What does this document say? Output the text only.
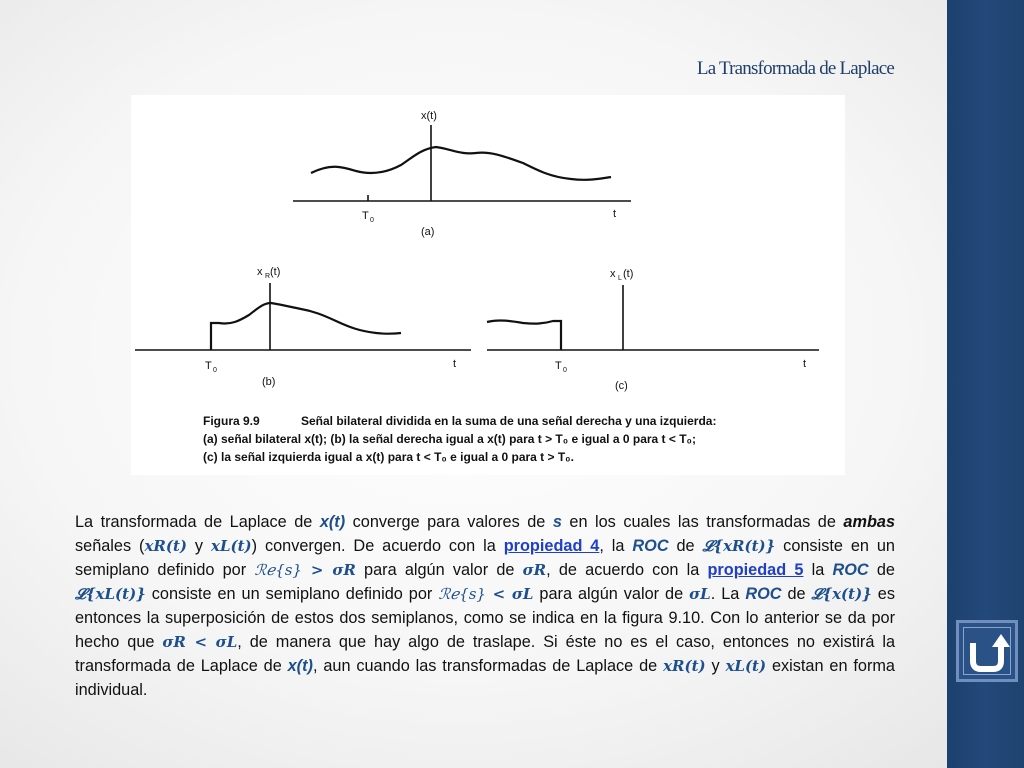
La Transformada de Laplace
x(t)
T 0
t
(a)
x R (t)
T 0
t
(b)
x L (t)
T 0
t
(c)
Figura 9.9	Señal bilateral dividida en la suma de una señal derecha y una izquierda:
(a) señal bilateral x(t); (b) la señal derecha igual a x(t) para t > T₀ e igual a 0 para t < T₀;
(c) la señal izquierda igual a x(t) para t < T₀ e igual a 0 para t > T₀.

La transformada de Laplace de x(t) converge para valores de s en los cuales las transformadas de ambas señales (𝒙𝑹(𝒕) y 𝒙𝑳(𝒕)) convergen. De acuerdo con la propiedad 4, la ROC de 𝓛{𝒙𝑹(𝒕)} consiste en un semiplano definido por ℛℯ{s} > 𝝈𝑹 para algún valor de 𝝈𝑹, de acuerdo con la propiedad 5 la ROC de 𝓛{𝒙𝑳(𝒕)} consiste en un semiplano definido por ℛℯ{s} < 𝝈𝑳 para algún valor de 𝝈𝑳. La ROC de 𝓛{𝒙(𝒕)} es entonces la superposición de estos dos semiplanos, como se indica en la figura 9.10. Con lo anterior se da por hecho que 𝝈𝑹 < 𝝈𝑳, de manera que hay algo de traslape. Si éste no es el caso, entonces no existirá la transformada de Laplace de x(t), aun cuando las transformadas de Laplace de 𝒙𝑹(𝒕) y 𝒙𝑳(𝒕) existan en forma individual.
